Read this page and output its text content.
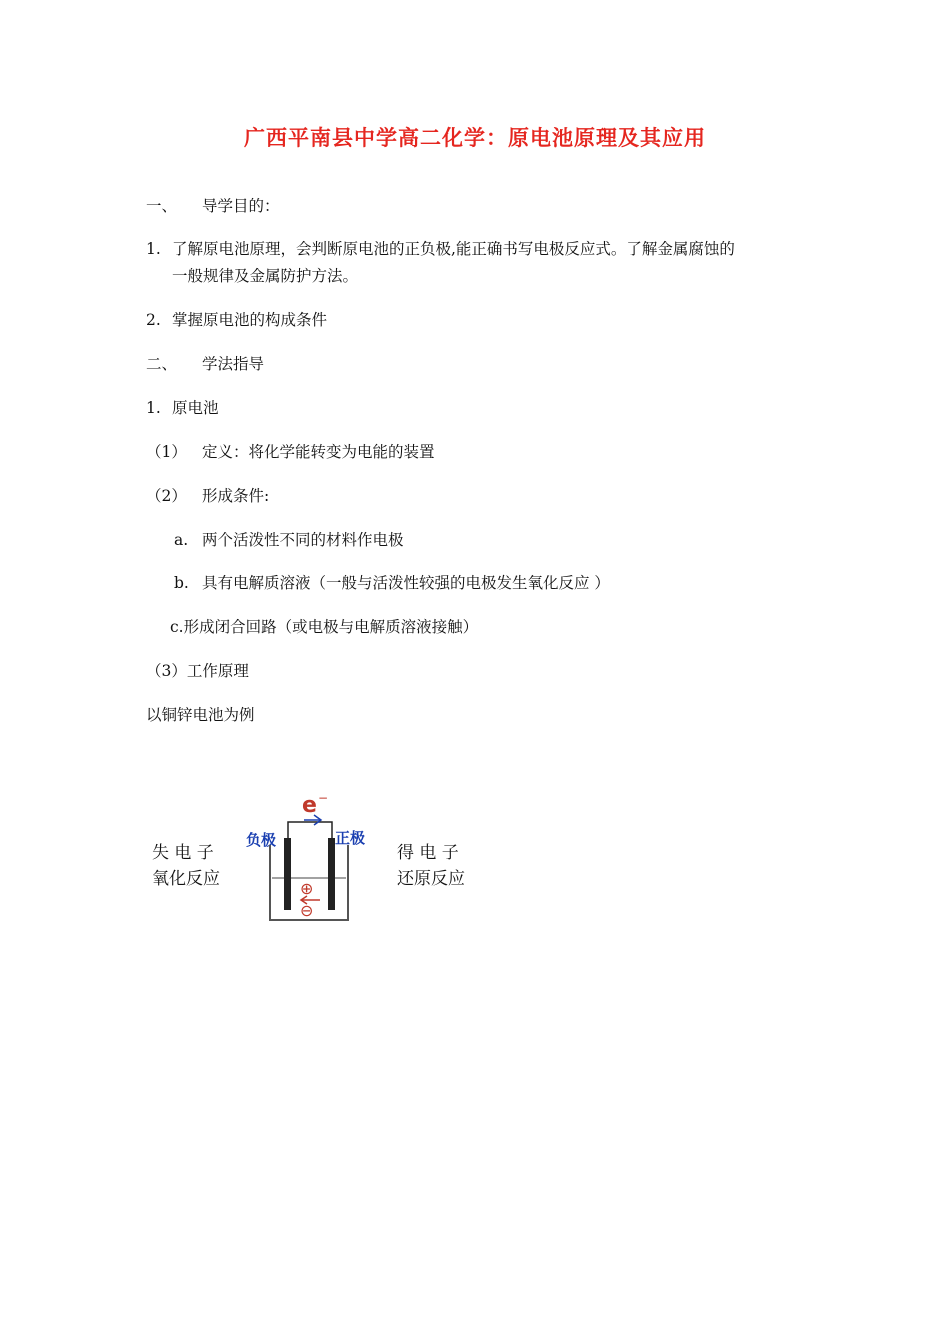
广西平南县中学高二化学：原电池原理及其应用
一、 导学目的：
1. 了解原电池原理，会判断原电池的正负极,能正确书写电极反应式。了解金属腐蚀的
一般规律及金属防护方法。
2. 掌握原电池的构成条件
二、 学法指导
1. 原电池
（1） 定义：将化学能转变为电能的装置
（2） 形成条件:
a. 两个活泼性不同的材料作电极
b. 具有电解质溶液（一般与活泼性较强的电极发生氧化反应 ）
c.形成闭合回路（或电极与电解质溶液接触）
（3）工作原理
以铜锌电池为例
失 电 子
氧化反应
得 电 子
还原反应
e −
负极	正极
⊕
⊖
